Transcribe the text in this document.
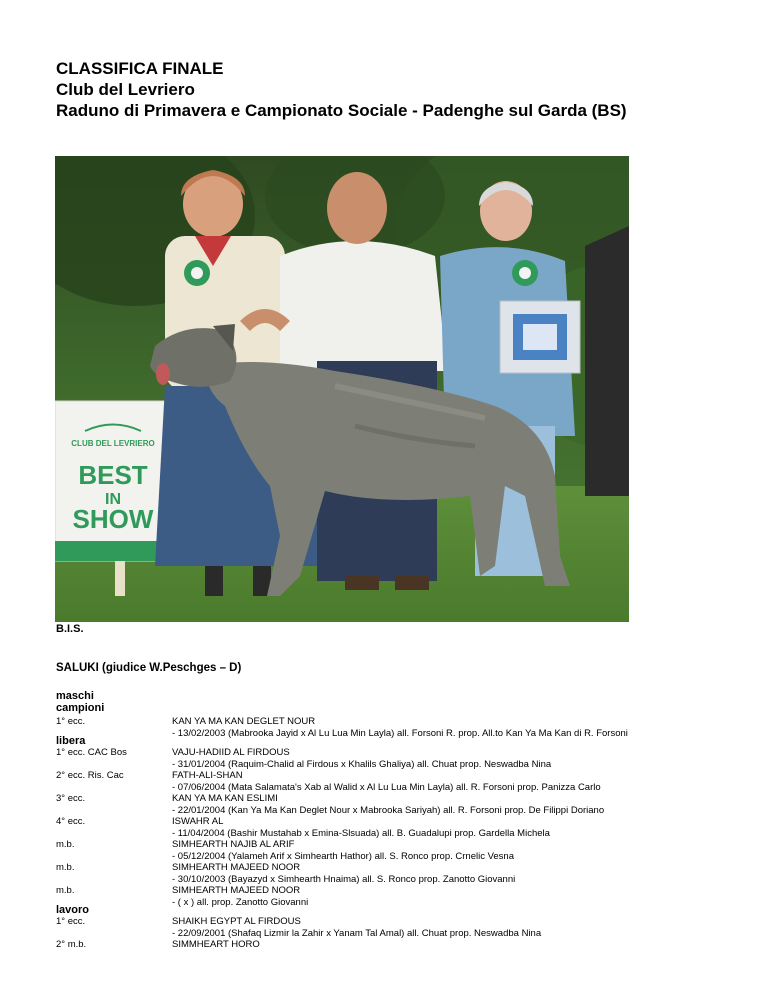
CLASSIFICA FINALE
Club del Levriero
Raduno di Primavera e Campionato Sociale - Padenghe sul Garda (BS)
CLUB DEL LEVRIERO
BEST
IN
SHOW
B.I.S.
SALUKI (giudice W.Peschges – D)
maschi
campioni
1° ecc.	KAN YA MA KAN DEGLET NOUR
- 13/02/2003 (Mabrooka Jayid x Al Lu Lua Min Layla) all. Forsoni R. prop. All.to Kan Ya Ma Kan di R. Forsoni
libera
1° ecc. CAC Bos	VAJU-HADIID AL FIRDOUS
- 31/01/2004 (Raquim-Chalid al Firdous x Khalils Ghaliya) all. Chuat prop. Neswadba Nina
2° ecc. Ris. Cac	FATH-ALI-SHAN
- 07/06/2004 (Mata Salamata's Xab al Walid x Al Lu Lua Min Layla) all. R. Forsoni prop. Panizza Carlo
3° ecc.	KAN YA MA KAN ESLIMI
- 22/01/2004 (Kan Ya Ma Kan Deglet Nour x Mabrooka Sariyah) all. R. Forsoni prop. De Filippi Doriano
4° ecc.	ISWAHR AL
- 11/04/2004 (Bashir Mustahab x Emina-Slsuada) all. B. Guadalupi prop. Gardella Michela
m.b.	SIMHEARTH NAJIB AL ARIF
- 05/12/2004 (Yalameh Arif x Simhearth Hathor) all. S. Ronco prop. Crnelic Vesna
m.b.	SIMHEARTH MAJEED NOOR
- 30/10/2003 (Bayazyd x Simhearth Hnaima) all. S. Ronco prop. Zanotto Giovanni
m.b.	SIMHEARTH MAJEED NOOR
- ( x ) all. prop. Zanotto Giovanni
lavoro
1° ecc.	SHAIKH EGYPT AL FIRDOUS
- 22/09/2001 (Shafaq Lizmir la Zahir x Yanam Tal Amal) all. Chuat prop. Neswadba Nina
2° m.b.	SIMMHEART HORO
